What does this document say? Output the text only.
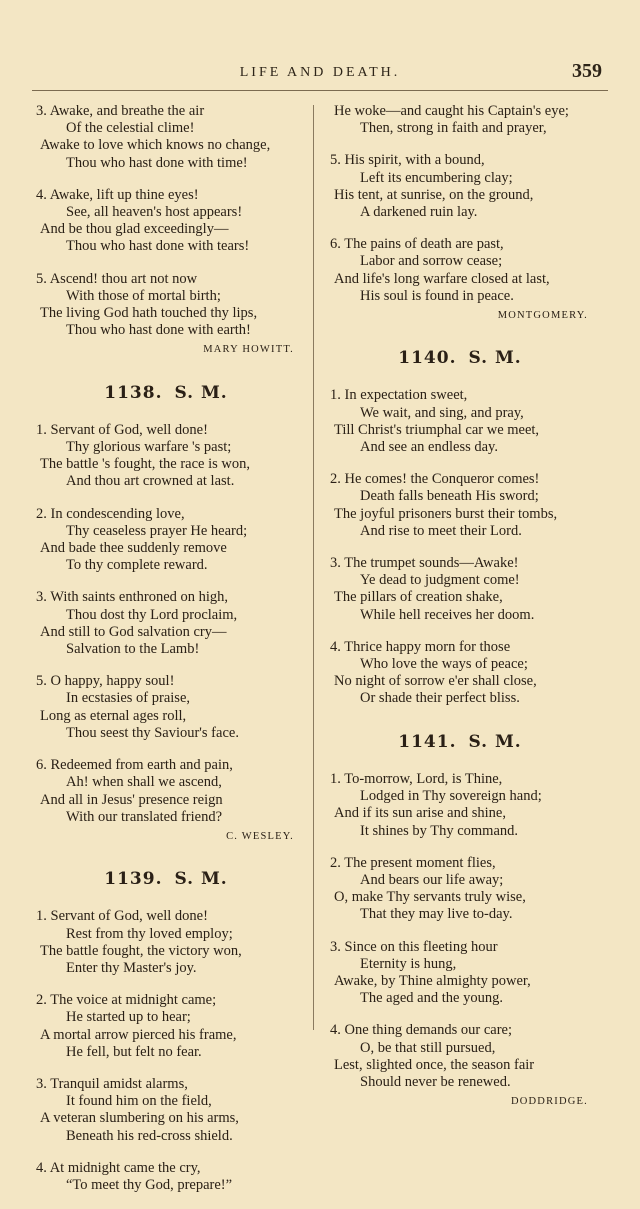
LIFE AND DEATH.	359
3. Awake, and breathe the air
Of the celestial clime!
Awake to love which knows no change,
Thou who hast done with time!
4. Awake, lift up thine eyes!
See, all heaven's host appears!
And be thou glad exceedingly—
Thou who hast done with tears!
5. Ascend! thou art not now
With those of mortal birth;
The living God hath touched thy lips,
Thou who hast done with earth!
MARY HOWITT.
1138. S. M.
1. Servant of God, well done!
Thy glorious warfare 's past;
The battle 's fought, the race is won,
And thou art crowned at last.
2. In condescending love,
Thy ceaseless prayer He heard;
And bade thee suddenly remove
To thy complete reward.
3. With saints enthroned on high,
Thou dost thy Lord proclaim,
And still to God salvation cry—
Salvation to the Lamb!
5. O happy, happy soul!
In ecstasies of praise,
Long as eternal ages roll,
Thou seest thy Saviour's face.
6. Redeemed from earth and pain,
Ah! when shall we ascend,
And all in Jesus' presence reign
With our translated friend?
C. WESLEY.
1139. S. M.
1. Servant of God, well done!
Rest from thy loved employ;
The battle fought, the victory won,
Enter thy Master's joy.
2. The voice at midnight came;
He started up to hear;
A mortal arrow pierced his frame,
He fell, but felt no fear.
3. Tranquil amidst alarms,
It found him on the field,
A veteran slumbering on his arms,
Beneath his red-cross shield.
4. At midnight came the cry,
“To meet thy God, prepare!”
He woke—and caught his Captain's eye;
Then, strong in faith and prayer,
5. His spirit, with a bound,
Left its encumbering clay;
His tent, at sunrise, on the ground,
A darkened ruin lay.
6. The pains of death are past,
Labor and sorrow cease;
And life's long warfare closed at last,
His soul is found in peace.
MONTGOMERY.
1140. S. M.
1. In expectation sweet,
We wait, and sing, and pray,
Till Christ's triumphal car we meet,
And see an endless day.
2. He comes! the Conqueror comes!
Death falls beneath His sword;
The joyful prisoners burst their tombs,
And rise to meet their Lord.
3. The trumpet sounds—Awake!
Ye dead to judgment come!
The pillars of creation shake,
While hell receives her doom.
4. Thrice happy morn for those
Who love the ways of peace;
No night of sorrow e'er shall close,
Or shade their perfect bliss.
1141. S. M.
1. To-morrow, Lord, is Thine,
Lodged in Thy sovereign hand;
And if its sun arise and shine,
It shines by Thy command.
2. The present moment flies,
And bears our life away;
O, make Thy servants truly wise,
That they may live to-day.
3. Since on this fleeting hour
Eternity is hung,
Awake, by Thine almighty power,
The aged and the young.
4. One thing demands our care;
O, be that still pursued,
Lest, slighted once, the season fair
Should never be renewed.
DODDRIDGE.
